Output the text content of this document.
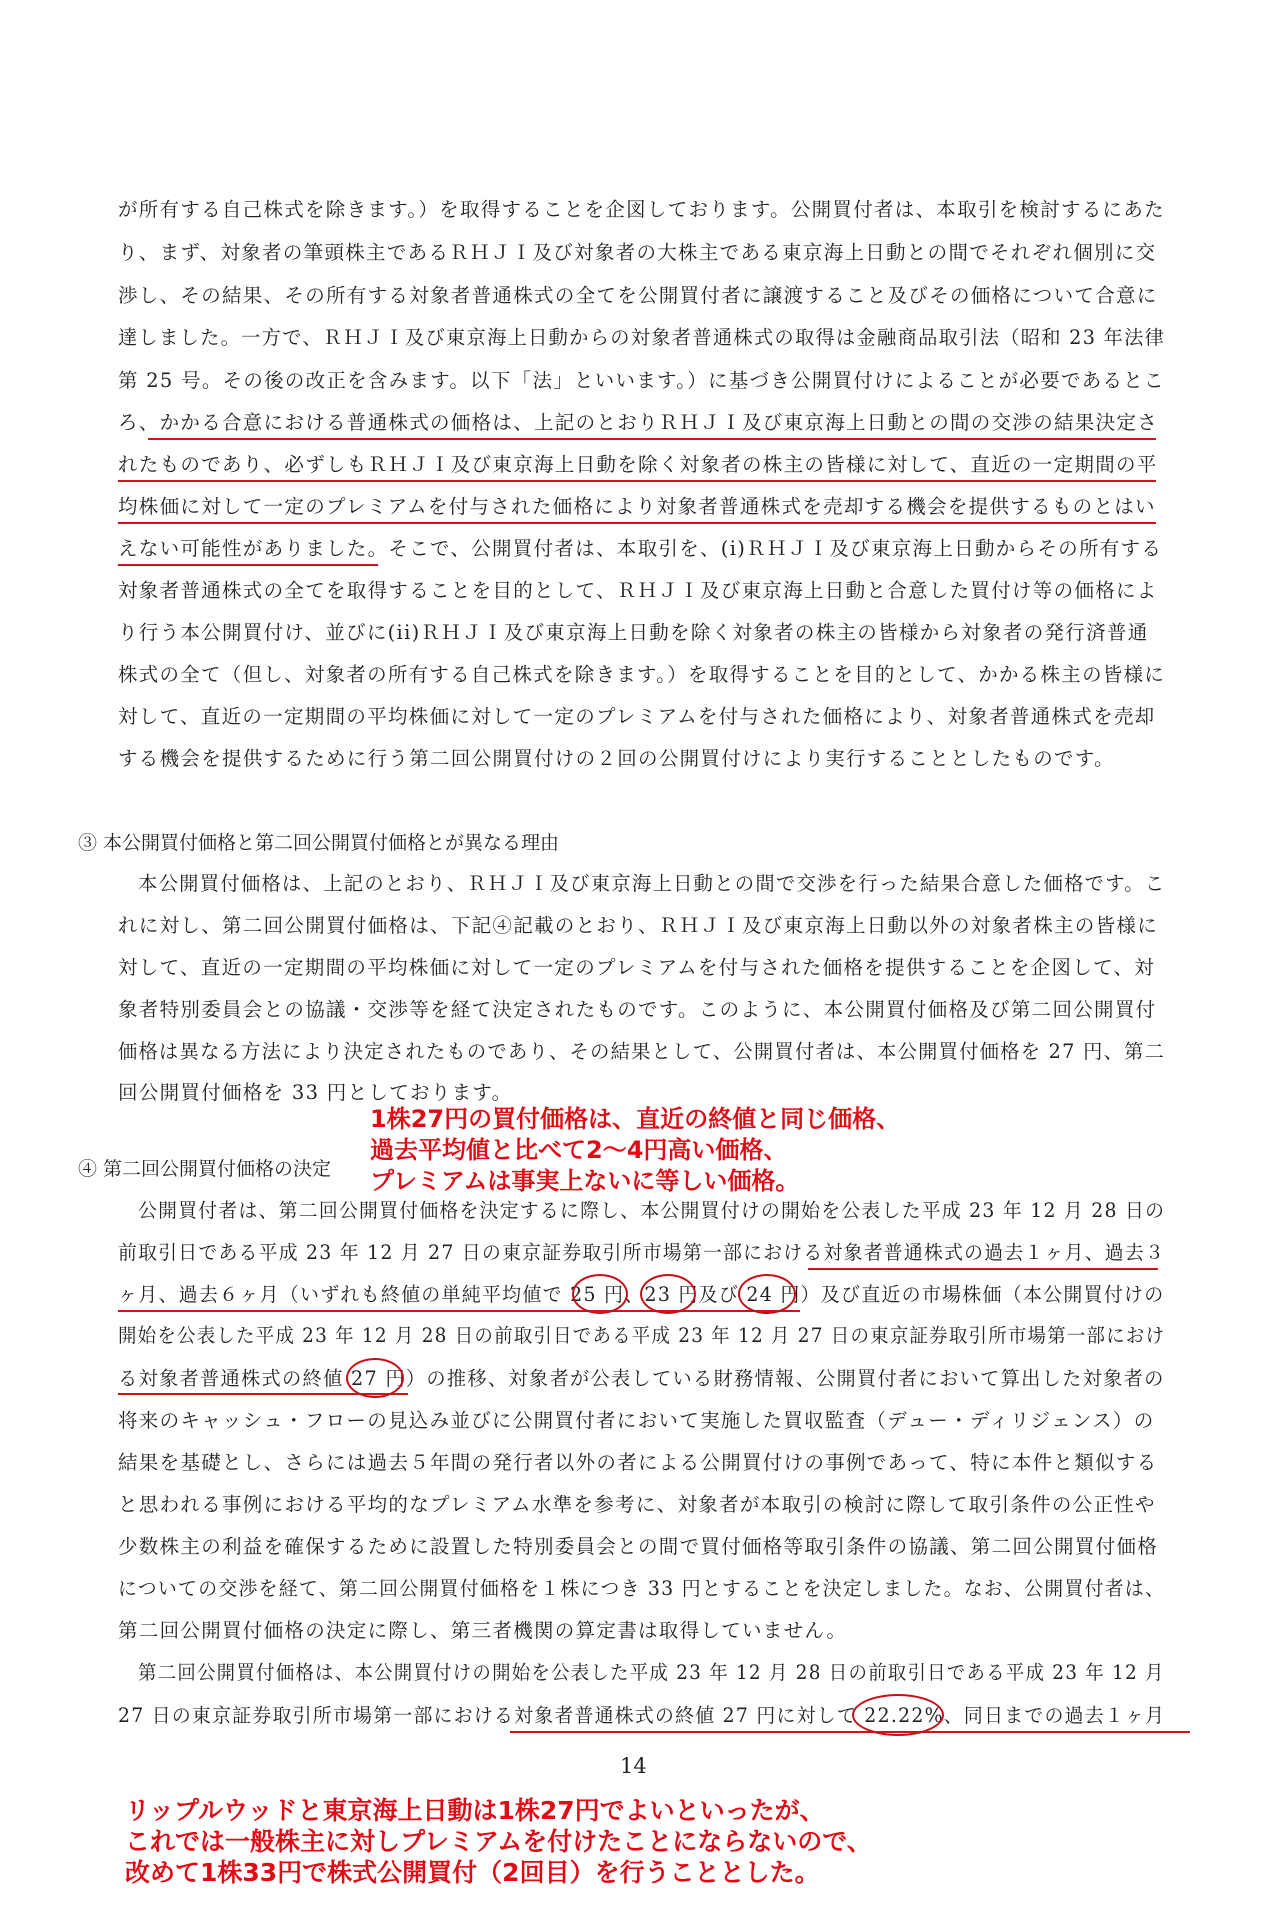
が所有する自己株式を除きます。）を取得することを企図しております。公開買付者は、本取引を検討するにあた
り、まず、対象者の筆頭株主であるＲＨＪＩ及び対象者の大株主である東京海上日動との間でそれぞれ個別に交
渉し、その結果、その所有する対象者普通株式の全てを公開買付者に譲渡すること及びその価格について合意に
達しました。一方で、ＲＨＪＩ及び東京海上日動からの対象者普通株式の取得は金融商品取引法（昭和 23 年法律
第 25 号。その後の改正を含みます。以下「法」といいます。）に基づき公開買付けによることが必要であるとこ
ろ、かかる合意における普通株式の価格は、上記のとおりＲＨＪＩ及び東京海上日動との間の交渉の結果決定さ
れたものであり、必ずしもＲＨＪＩ及び東京海上日動を除く対象者の株主の皆様に対して、直近の一定期間の平
均株価に対して一定のプレミアムを付与された価格により対象者普通株式を売却する機会を提供するものとはい
えない可能性がありました。そこで、公開買付者は、本取引を、(i)ＲＨＪＩ及び東京海上日動からその所有する
対象者普通株式の全てを取得することを目的として、ＲＨＪＩ及び東京海上日動と合意した買付け等の価格によ
り行う本公開買付け、並びに(ii)ＲＨＪＩ及び東京海上日動を除く対象者の株主の皆様から対象者の発行済普通
株式の全て（但し、対象者の所有する自己株式を除きます。）を取得することを目的として、かかる株主の皆様に
対して、直近の一定期間の平均株価に対して一定のプレミアムを付与された価格により、対象者普通株式を売却
する機会を提供するために行う第二回公開買付けの２回の公開買付けにより実行することとしたものです。
③ 本公開買付価格と第二回公開買付価格とが異なる理由
本公開買付価格は、上記のとおり、ＲＨＪＩ及び東京海上日動との間で交渉を行った結果合意した価格です。こ
れに対し、第二回公開買付価格は、下記④記載のとおり、ＲＨＪＩ及び東京海上日動以外の対象者株主の皆様に
対して、直近の一定期間の平均株価に対して一定のプレミアムを付与された価格を提供することを企図して、対
象者特別委員会との協議・交渉等を経て決定されたものです。このように、本公開買付価格及び第二回公開買付
価格は異なる方法により決定されたものであり、その結果として、公開買付者は、本公開買付価格を 27 円、第二
回公開買付価格を 33 円としております。
1株27円の買付価格は、直近の終値と同じ価格、
過去平均値と比べて2～4円高い価格、
プレミアムは事実上ないに等しい価格。
④ 第二回公開買付価格の決定
公開買付者は、第二回公開買付価格を決定するに際し、本公開買付けの開始を公表した平成 23 年 12 月 28 日の
前取引日である平成 23 年 12 月 27 日の東京証券取引所市場第一部における対象者普通株式の過去１ヶ月、過去３
ヶ月、過去６ヶ月（いずれも終値の単純平均値で 25 円、23 円及び 24 円）及び直近の市場株価（本公開買付けの
開始を公表した平成 23 年 12 月 28 日の前取引日である平成 23 年 12 月 27 日の東京証券取引所市場第一部におけ
る対象者普通株式の終値 27 円）の推移、対象者が公表している財務情報、公開買付者において算出した対象者の
将来のキャッシュ・フローの見込み並びに公開買付者において実施した買収監査（デュー・ディリジェンス）の
結果を基礎とし、さらには過去５年間の発行者以外の者による公開買付けの事例であって、特に本件と類似する
と思われる事例における平均的なプレミアム水準を参考に、対象者が本取引の検討に際して取引条件の公正性や
少数株主の利益を確保するために設置した特別委員会との間で買付価格等取引条件の協議、第二回公開買付価格
についての交渉を経て、第二回公開買付価格を１株につき 33 円とすることを決定しました。なお、公開買付者は、
第二回公開買付価格の決定に際し、第三者機関の算定書は取得していません。
第二回公開買付価格は、本公開買付けの開始を公表した平成 23 年 12 月 28 日の前取引日である平成 23 年 12 月
27 日の東京証券取引所市場第一部における対象者普通株式の終値 27 円に対して 22.22%、同日までの過去１ヶ月
14
リップルウッドと東京海上日動は1株27円でよいといったが、
これでは一般株主に対しプレミアムを付けたことにならないので、
改めて1株33円で株式公開買付（2回目）を行うこととした。
